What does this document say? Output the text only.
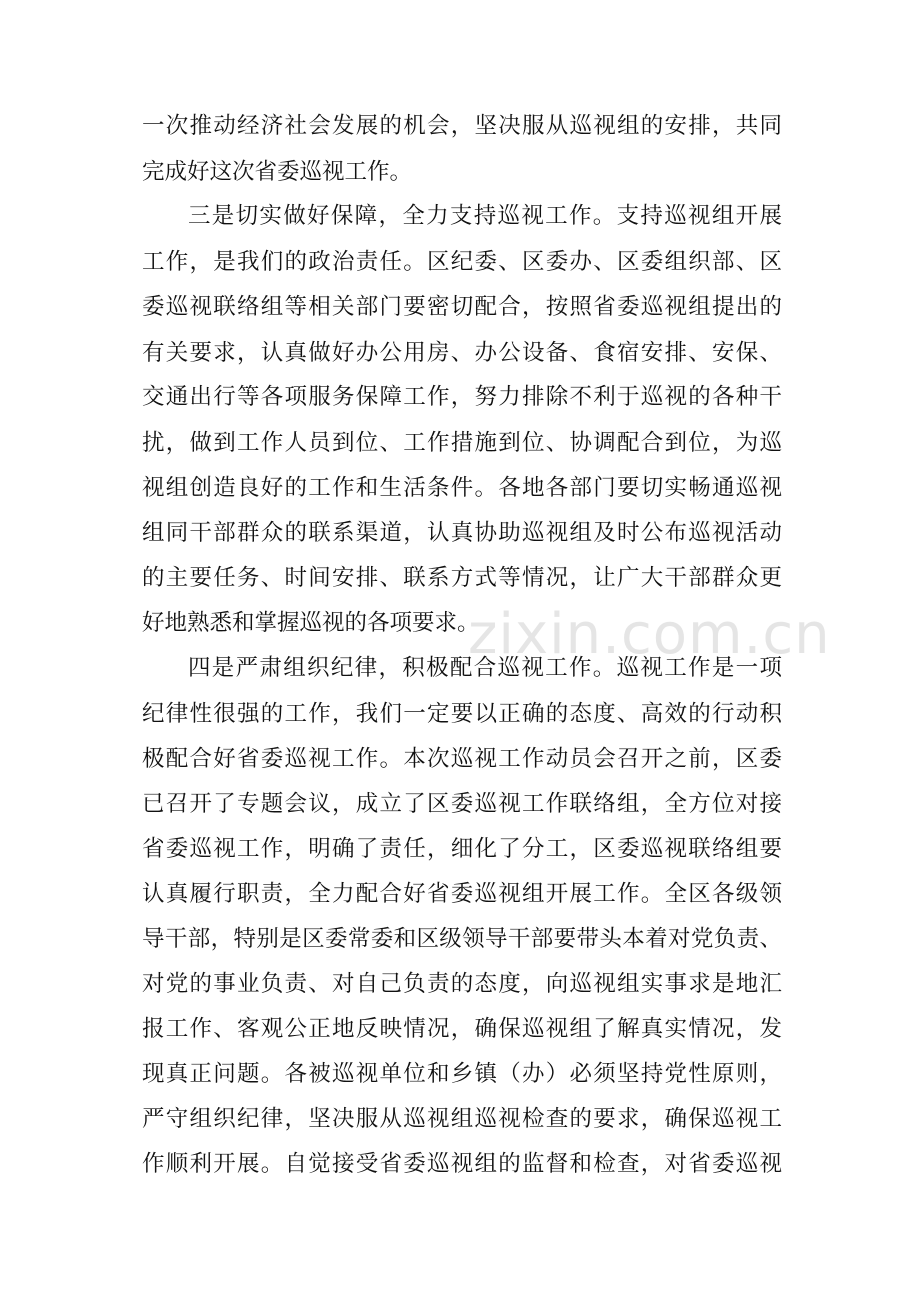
一次推动经济社会发展的机会，坚决服从巡视组的安排，共同
完成好这次省委巡视工作。
三是切实做好保障，全力支持巡视工作。支持巡视组开展
工作，是我们的政治责任。区纪委、区委办、区委组织部、区
委巡视联络组等相关部门要密切配合，按照省委巡视组提出的
有关要求，认真做好办公用房、办公设备、食宿安排、安保、
交通出行等各项服务保障工作，努力排除不利于巡视的各种干
扰，做到工作人员到位、工作措施到位、协调配合到位，为巡
视组创造良好的工作和生活条件。各地各部门要切实畅通巡视
组同干部群众的联系渠道，认真协助巡视组及时公布巡视活动
的主要任务、时间安排、联系方式等情况，让广大干部群众更
好地熟悉和掌握巡视的各项要求。
四是严肃组织纪律，积极配合巡视工作。巡视工作是一项
纪律性很强的工作，我们一定要以正确的态度、高效的行动积
极配合好省委巡视工作。本次巡视工作动员会召开之前，区委
已召开了专题会议，成立了区委巡视工作联络组，全方位对接
省委巡视工作，明确了责任，细化了分工，区委巡视联络组要
认真履行职责，全力配合好省委巡视组开展工作。全区各级领
导干部，特别是区委常委和区级领导干部要带头本着对党负责、
对党的事业负责、对自己负责的态度，向巡视组实事求是地汇
报工作、客观公正地反映情况，确保巡视组了解真实情况，发
现真正问题。各被巡视单位和乡镇（办）必须坚持党性原则，
严守组织纪律，坚决服从巡视组巡视检查的要求，确保巡视工
作顺利开展。自觉接受省委巡视组的监督和检查，对省委巡视
zixin.com.cn
